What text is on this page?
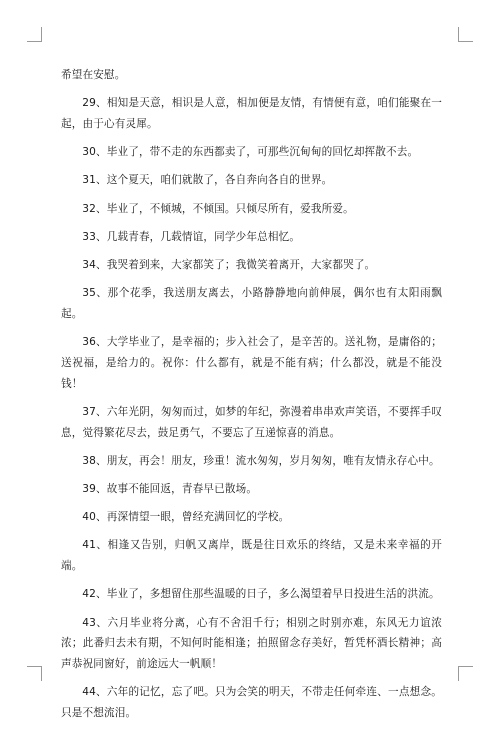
希望在安慰。

29、相知是天意，相识是人意，相加便是友情，有情便有意，咱们能聚在一起，由于心有灵犀。

30、毕业了，带不走的东西都卖了，可那些沉甸甸的回忆却挥散不去。

31、这个夏天，咱们就散了，各自奔向各自的世界。

32、毕业了，不倾城，不倾国。只倾尽所有，爱我所爱。

33、几载青春，几载情谊，同学少年总相忆。

34、我哭着到来，大家都笑了；我微笑着离开，大家都哭了。

35、那个花季，我送朋友离去，小路静静地向前伸展，偶尔也有太阳雨飘起。

36、大学毕业了，是幸福的；步入社会了，是辛苦的。送礼物，是庸俗的；送祝福，是给力的。祝你：什么都有，就是不能有病；什么都没，就是不能没钱！

37、六年光阴，匆匆而过，如梦的年纪，弥漫着串串欢声笑语，不要挥手叹息，觉得繁花尽去，鼓足勇气，不要忘了互递惊喜的消息。

38、朋友，再会！朋友，珍重！流水匆匆，岁月匆匆，唯有友情永存心中。

39、故事不能回返，青春早已散场。

40、再深情望一眼，曾经充满回忆的学校。

41、相逢又告别，归帆又离岸，既是往日欢乐的终结，又是未来幸福的开端。

42、毕业了，多想留住那些温暖的日子，多么渴望着早日投进生活的洪流。

43、六月毕业将分离，心有不舍泪千行；相别之时别亦难，东风无力谊浓浓；此番归去未有期，不知何时能相逢；拍照留念存美好，暂凭杯酒长精神；高声恭祝同窗好，前途远大一帆顺！

44、六年的记忆，忘了吧。只为会笑的明天，不带走任何牵连、一点想念。只是不想流泪。
